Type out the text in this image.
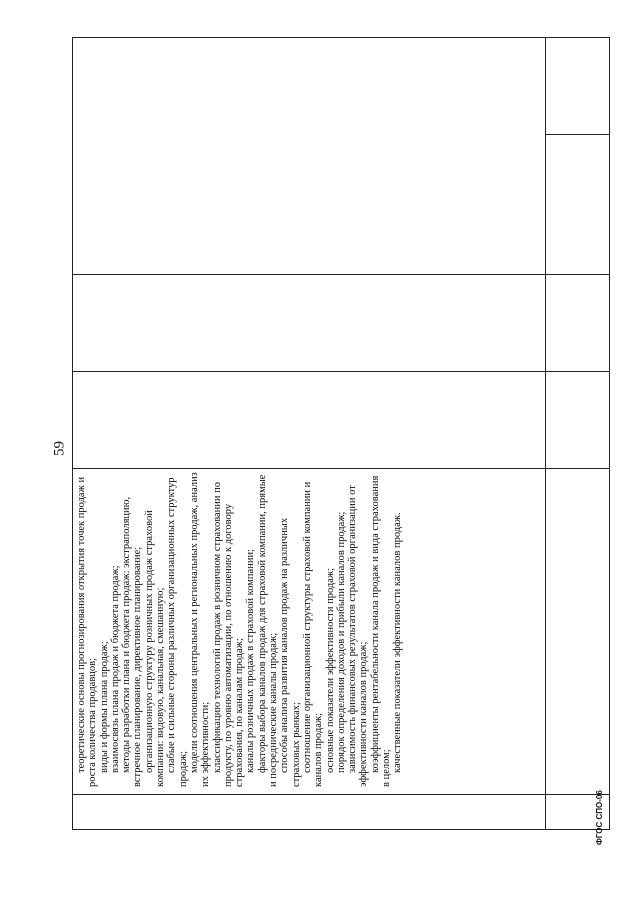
59

теоретические основы прогнозирования открытия точек продаж и роста количества продавцов; виды и формы плана продаж; взаимосвязь плана продаж и бюджета продаж; методы разработки плана и бюджета продаж: экстраполяцию, встречное планирование, директивное планирование; организационную структуру розничных продаж страховой компании: видовую, канальная, смешанную; слабые и сильные стороны различных организационных структур продаж; модели соотношения центральных и региональных продаж, анализ их эффективности; классификацию технологий продаж в розничном страховании по продукту, по уровню автоматизации, по отношению к договору страхования, по каналам продаж; каналы розничных продаж в страховой компании; факторы выбора каналов продаж для страховой компании, прямые и посреднические каналы продаж; способы анализа развития каналов продаж на различных страховых рынках; соотношение организационной структуры страховой компании и каналов продаж; основные показатели эффективности продаж; порядок определения доходов и прибыли каналов продаж; зависимость финансовых результатов страховой организации от эффективности каналов продаж; коэффициенты рентабельности канала продаж и вида страхования в целом; качественные показатели эффективности каналов продаж.

ФГОС СПО-06
